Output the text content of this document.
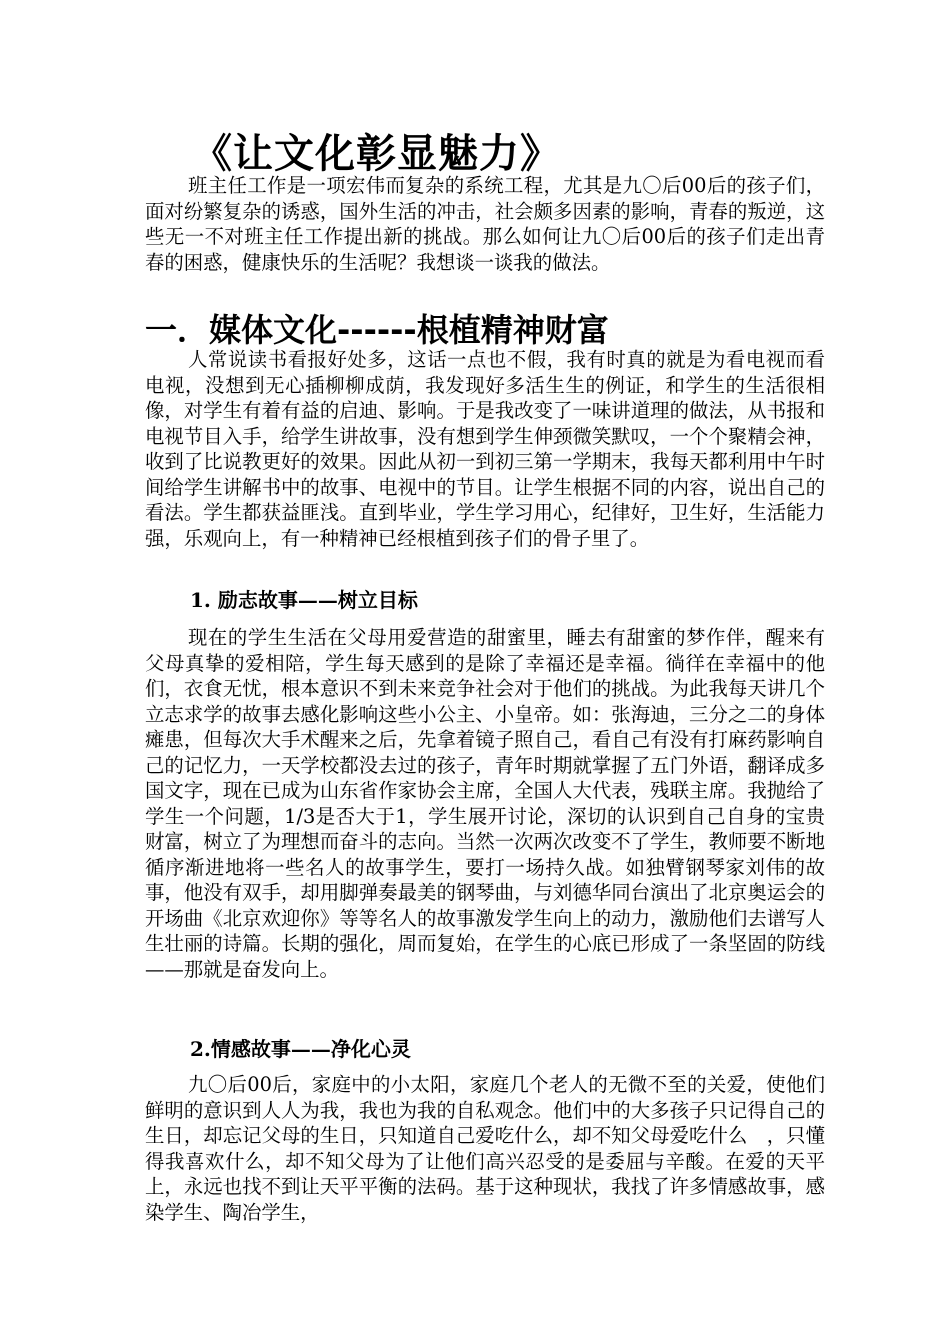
《让文化彰显魅力》

班主任工作是一项宏伟而复杂的系统工程，尤其是九〇后00后的孩子们，面对纷繁复杂的诱惑，国外生活的冲击，社会颇多因素的影响，青春的叛逆，这些无一不对班主任工作提出新的挑战。那么如何让九〇后00后的孩子们走出青春的困惑，健康快乐的生活呢？我想谈一谈我的做法。

一．媒体文化------根植精神财富

人常说读书看报好处多，这话一点也不假，我有时真的就是为看电视而看电视，没想到无心插柳柳成荫，我发现好多活生生的例证，和学生的生活很相像，对学生有着有益的启迪、影响。于是我改变了一味讲道理的做法，从书报和电视节目入手，给学生讲故事，没有想到学生伸颈微笑默叹，一个个聚精会神，收到了比说教更好的效果。因此从初一到初三第一学期末，我每天都利用中午时间给学生讲解书中的故事、电视中的节目。让学生根据不同的内容，说出自己的看法。学生都获益匪浅。直到毕业，学生学习用心，纪律好，卫生好，生活能力强，乐观向上，有一种精神已经根植到孩子们的骨子里了。

1. 励志故事——树立目标

现在的学生生活在父母用爱营造的甜蜜里，睡去有甜蜜的梦作伴，醒来有父母真挚的爱相陪，学生每天感到的是除了幸福还是幸福。徜徉在幸福中的他们，衣食无忧，根本意识不到未来竞争社会对于他们的挑战。为此我每天讲几个立志求学的故事去感化影响这些小公主、小皇帝。如：张海迪，三分之二的身体瘫患，但每次大手术醒来之后，先拿着镜子照自己，看自己有没有打麻药影响自己的记忆力，一天学校都没去过的孩子，青年时期就掌握了五门外语，翻译成多国文字，现在已成为山东省作家协会主席，全国人大代表，残联主席。我抛给了学生一个问题，1/3是否大于1，学生展开讨论，深切的认识到自己自身的宝贵财富，树立了为理想而奋斗的志向。当然一次两次改变不了学生，教师要不断地循序渐进地将一些名人的故事学生，要打一场持久战。如独臂钢琴家刘伟的故事，他没有双手，却用脚弹奏最美的钢琴曲，与刘德华同台演出了北京奥运会的开场曲《北京欢迎你》等等名人的故事激发学生向上的动力，激励他们去谱写人生壮丽的诗篇。长期的强化，周而复始，在学生的心底已形成了一条坚固的防线——那就是奋发向上。

2.情感故事——净化心灵

九〇后00后，家庭中的小太阳，家庭几个老人的无微不至的关爱，使他们鲜明的意识到人人为我，我也为我的自私观念。他们中的大多孩子只记得自己的生日，却忘记父母的生日，只知道自己爱吃什么，却不知父母爱吃什么　，只懂得我喜欢什么，却不知父母为了让他们高兴忍受的是委屈与辛酸。在爱的天平上，永远也找不到让天平平衡的法码。基于这种现状，我找了许多情感故事，感染学生、陶冶学生，
